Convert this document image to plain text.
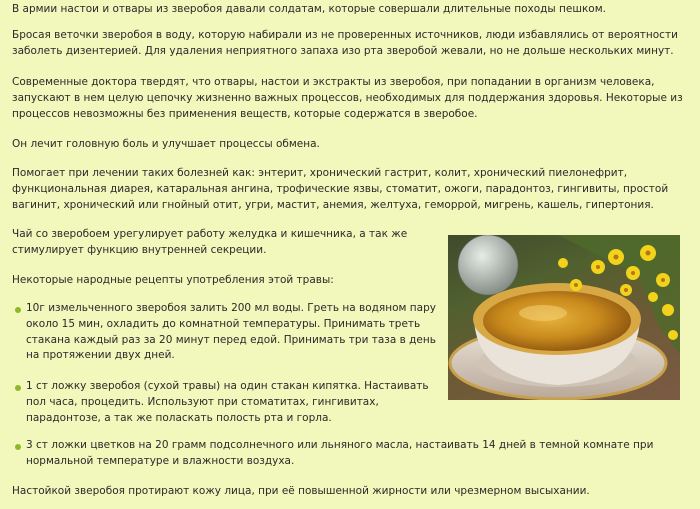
В армии настои и отвары из зверобоя давали солдатам, которые совершали длительные походы пешком.

Бросая веточки зверобоя в воду, которую набирали из не проверенных источников, люди избавлялись от вероятности заболеть дизентерией. Для удаления неприятного запаха изо рта зверобой жевали, но не дольше нескольких минут.

Современные доктора твердят, что отвары, настои и экстракты из зверобоя, при попадании в организм человека, запускают в нем целую цепочку жизненно важных процессов, необходимых для поддержания здоровья. Некоторые из процессов невозможны без применения веществ, которые содержатся в зверобое.

Он лечит головную боль и улучшает процессы обмена.

Помогает при лечении таких болезней как: энтерит, хронический гастрит, колит, хронический пиелонефрит, функциональная диарея, катаральная ангина, трофические язвы, стоматит, ожоги, парадонтоз, гингивиты, простой вагинит, хронический или гнойный отит, угри, мастит, анемия, желтуха, геморрой, мигрень, кашель, гипертония.

Чай со зверобоем урегулирует работу желудка и кишечника, а так же стимулирует функцию внутренней секреции.

Некоторые народные рецепты употребления этой травы:

10г измельченного зверобоя залить 200 мл воды. Греть на водяном пару около 15 мин, охладить до комнатной температуры. Принимать треть стакана каждый раз за 20 минут перед едой. Принимать три таза в день на протяжении двух дней.

1 ст ложку зверобоя (сухой травы) на один стакан кипятка. Настаивать пол часа, процедить. Используют при стоматитах, гингивитах, парадонтозе, а так же поласкать полость рта и горла.

3 ст ложки цветков на 20 грамм подсолнечного или льняного масла, настаивать 14 дней в темной комнате при нормальной температуре и влажности воздуха.

Настойкой зверобоя протирают кожу лица, при её повышенной жирности или чрезмерном высыхании.
